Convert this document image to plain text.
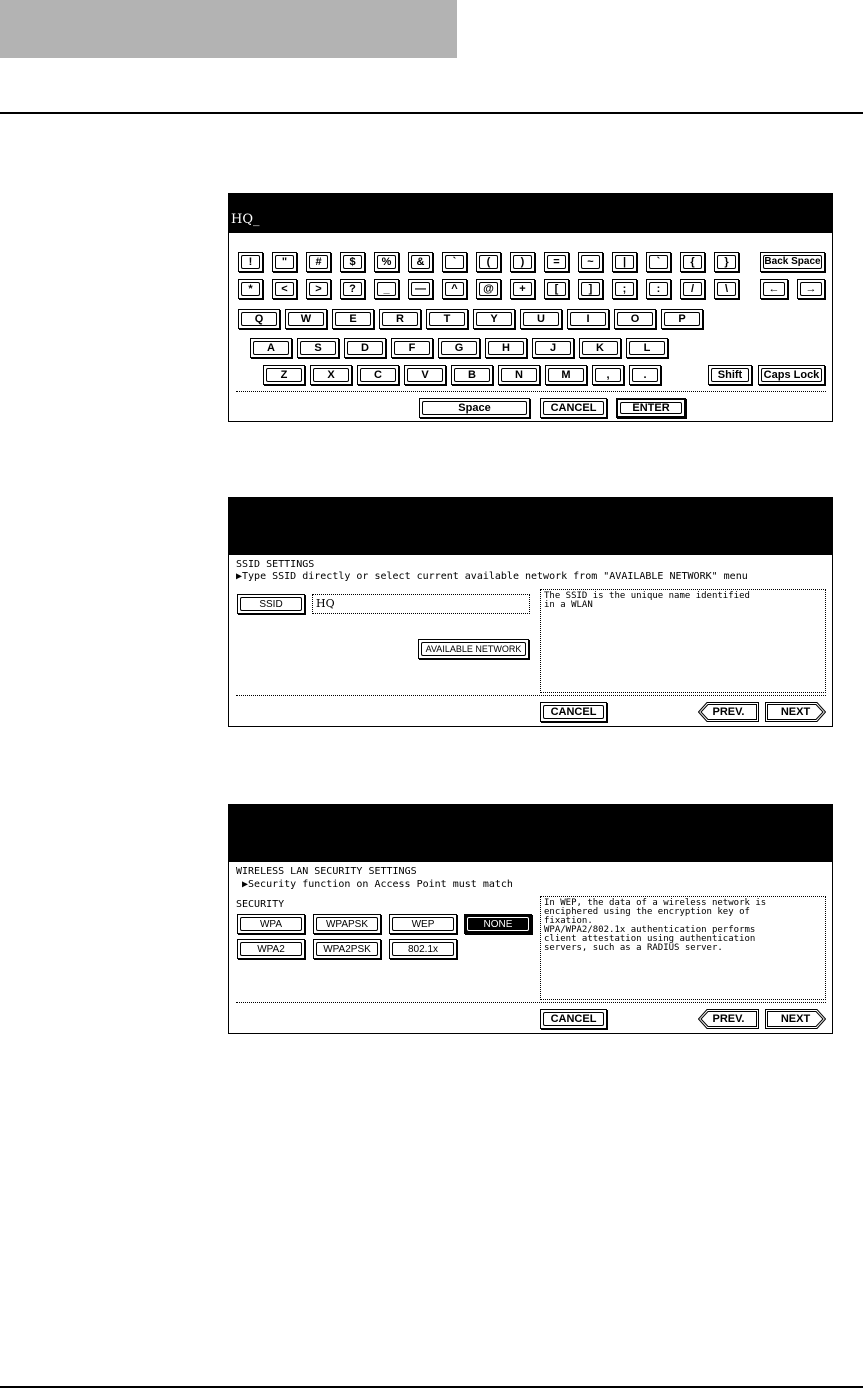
HQ_
!	"	#	$ % &	`	(	)	=	~	|	`	{	}	Back Space
*	<	> ?	_ — ^ @ +	[	]	;	:	/	\	← →
Q	W	E	R	T	Y	U	I	O	P
A	S	D	F	G	H	J	K	L
Z	X	C	V	B	N	M	,	.	Shift Caps Lock
Space	CANCEL	ENTER
SSID SETTINGS
▶Type SSID directly or select current available network from "AVAILABLE NETWORK" menu
SSID	HQ
AVAILABLE NETWORK
The SSID is the unique name identified
in a WLAN
CANCEL	PREV.	NEXT
WIRELESS LAN SECURITY SETTINGS
▶Security function on Access Point must match
SECURITY
WPA	WPAPSK	WEP	NONE
WPA2	WPA2PSK	802.1x
In WEP, the data of a wireless network is
enciphered using the encryption key of
fixation.
WPA/WPA2/802.1x authentication performs
client attestation using authentication
servers, such as a RADIUS server.
CANCEL	PREV.	NEXT
